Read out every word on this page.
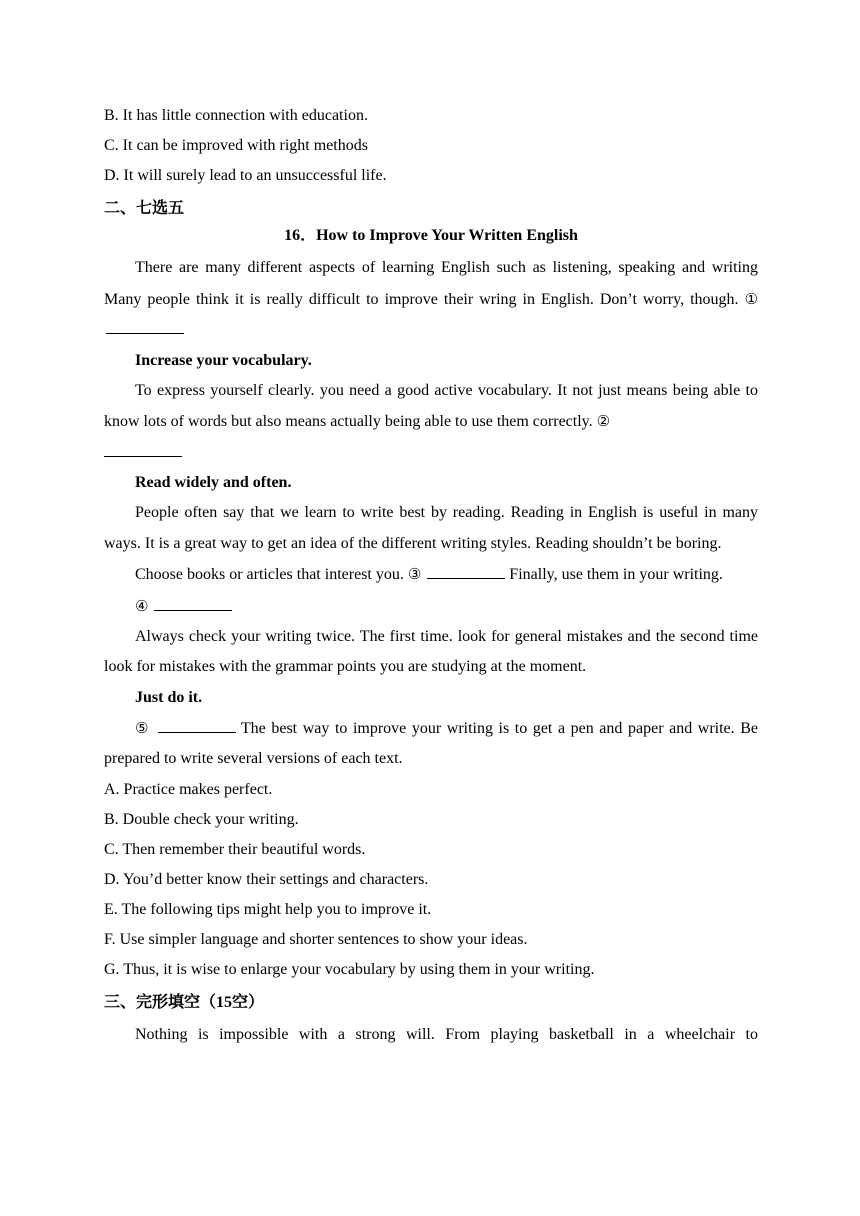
B. It has little connection with education.

C. It can be improved with right methods

D. It will surely lead to an unsuccessful life.

二、七选五

16．How to Improve Your Written English

There are many different aspects of learning English such as listening, speaking and writing Many people think it is really difficult to improve their wring in English. Don’t worry, though. ①

Increase your vocabulary.

To express yourself clearly. you need a good active vocabulary. It not just means being able to know lots of words but also means actually being able to use them correctly. ②

Read widely and often.

People often say that we learn to write best by reading. Reading in English is useful in many ways. It is a great way to get an idea of the different writing styles. Reading shouldn’t be boring.

Choose books or articles that interest you. ③	Finally, use them in your writing.

④

Always check your writing twice. The first time. look for general mistakes and the second time look for mistakes with the grammar points you are studying at the moment.

Just do it.

⑤	The best way to improve your writing is to get a pen and paper and write. Be prepared to write several versions of each text.

A. Practice makes perfect.

B. Double check your writing.

C. Then remember their beautiful words.

D. You’d better know their settings and characters.

E. The following tips might help you to improve it.

F. Use simpler language and shorter sentences to show your ideas.

G. Thus, it is wise to enlarge your vocabulary by using them in your writing.

三、完形填空（15空）

Nothing is impossible with a strong will. From playing basketball in a wheelchair to
